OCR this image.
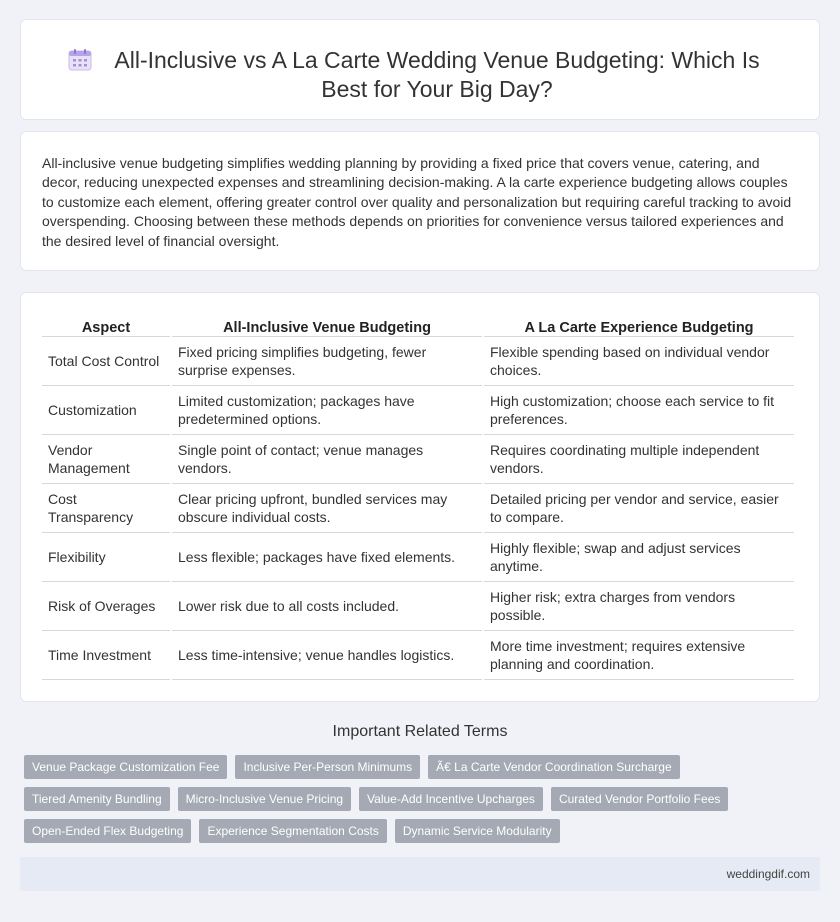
All-Inclusive vs A La Carte Wedding Venue Budgeting: Which Is Best for Your Big Day?

All-inclusive venue budgeting simplifies wedding planning by providing a fixed price that covers venue, catering, and decor, reducing unexpected expenses and streamlining decision-making. A la carte experience budgeting allows couples to customize each element, offering greater control over quality and personalization but requiring careful tracking to avoid overspending. Choosing between these methods depends on priorities for convenience versus tailored experiences and the desired level of financial oversight.

Aspect	All-Inclusive Venue Budgeting	A La Carte Experience Budgeting
Total Cost Control	Fixed pricing simplifies budgeting, fewer surprise expenses.	Flexible spending based on individual vendor choices.
Customization	Limited customization; packages have predetermined options.	High customization; choose each service to fit preferences.
Vendor Management	Single point of contact; venue manages vendors.	Requires coordinating multiple independent vendors.
Cost Transparency	Clear pricing upfront, bundled services may obscure individual costs.	Detailed pricing per vendor and service, easier to compare.
Flexibility	Less flexible; packages have fixed elements.	Highly flexible; swap and adjust services anytime.
Risk of Overages	Lower risk due to all costs included.	Higher risk; extra charges from vendors possible.
Time Investment	Less time-intensive; venue handles logistics.	More time investment; requires extensive planning and coordination.
Important Related Terms
Venue Package Customization Fee	Inclusive Per-Person Minimums	Ã€ La Carte Vendor Coordination Surcharge
Tiered Amenity Bundling	Micro-Inclusive Venue Pricing	Value-Add Incentive Upcharges	Curated Vendor Portfolio Fees
Open-Ended Flex Budgeting	Experience Segmentation Costs	Dynamic Service Modularity
weddingdif.com
